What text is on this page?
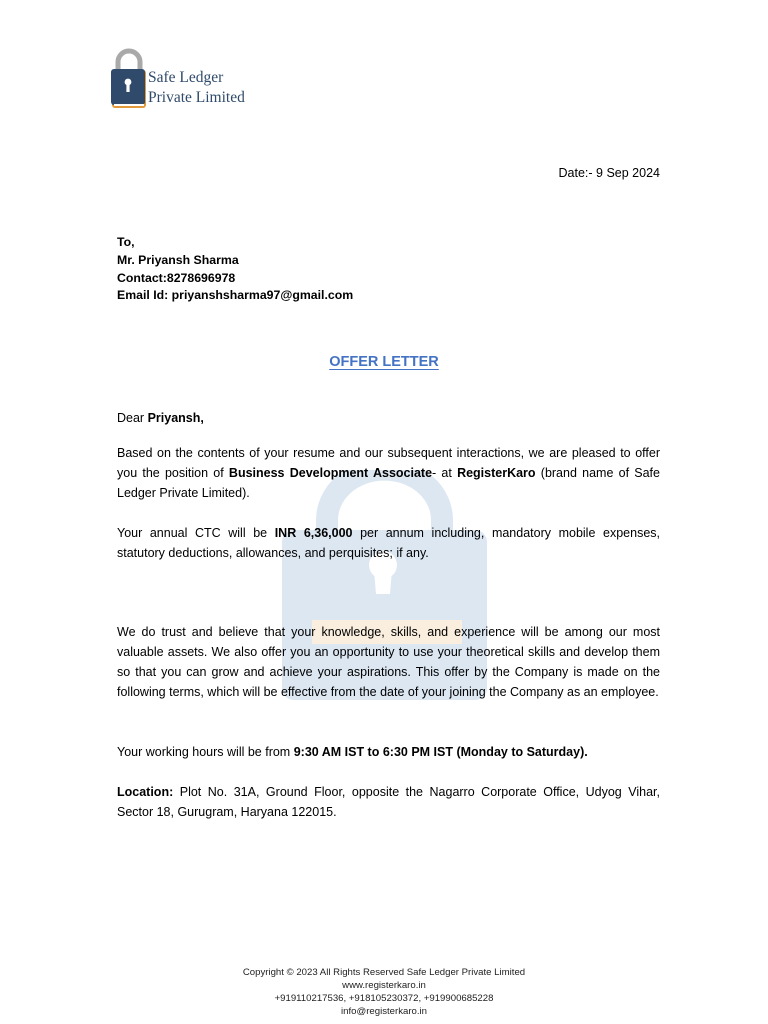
Safe Ledger
Private Limited
Date:- 9 Sep 2024
To,
Mr. Priyansh Sharma
Contact:8278696978
Email Id: priyanshsharma97@gmail.com
OFFER LETTER
Dear Priyansh,
Based on the contents of your resume and our subsequent interactions, we are pleased to offer you the position of Business Development Associate- at RegisterKaro (brand name of Safe Ledger Private Limited).
Your annual CTC will be INR 6,36,000 per annum including, mandatory mobile expenses, statutory deductions, allowances, and perquisites; if any.
We do trust and believe that your knowledge, skills, and experience will be among our most valuable assets. We also offer you an opportunity to use your theoretical skills and develop them so that you can grow and achieve your aspirations. This offer by the Company is made on the following terms, which will be effective from the date of your joining the Company as an employee.
Your working hours will be from 9:30 AM IST to 6:30 PM IST (Monday to Saturday).
Location: Plot No. 31A, Ground Floor, opposite the Nagarro Corporate Office, Udyog Vihar, Sector 18, Gurugram, Haryana 122015.
Copyright © 2023 All Rights Reserved Safe Ledger Private Limited
www.registerkaro.in
+919110217536, +918105230372, +919900685228
info@registerkaro.in
